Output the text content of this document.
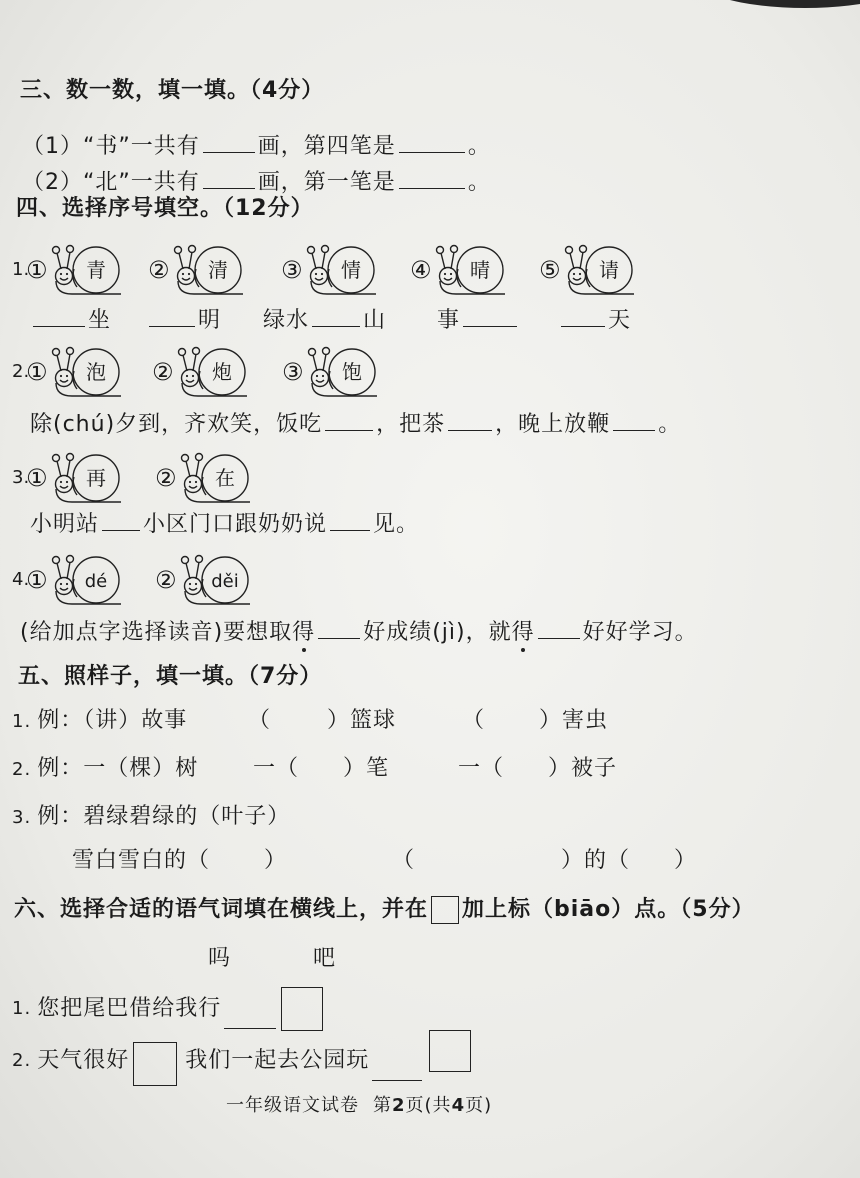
三、数一数，填一填。（4分）
（1） “书”一共有	画，第四笔是	。
（2） “北”一共有	画，第一笔是	。
四、选择序号填空。（12分）
1.
① 青 ② 清 ③ 情 ④ 晴 ⑤ 请
坐	明 绿水 山 事	天
2.
① 泡 ② 炮 ③ 饱
除(chú)夕到，齐欢笑，饭吃 ，把茶 ，晚上放鞭 。
3.
① 再 ② 在
小明站 小区门口跟奶奶说 见。
4.
① dé ② děi
(给加点字选择读音)要想取 得 好成绩(jì)，就 得 好好学习。
五、照样子，填一填。（7分）
1. 例：（讲）故事	（	）篮球	（ ）害虫
2. 例：一（棵）树 一（ ）笔	一（ ）被子
3. 例：碧绿碧绿的（叶子）
雪白雪白的（ ）	（	）的（ ）
六、选择合适的语气词填在横线上，并在 加上标（biāo）点。（5分）
吗	吧
1. 您把尾巴借给我行
2. 天气很好	我们一起去公园玩
一年级语文试卷 第 2 页(共 4 页)
